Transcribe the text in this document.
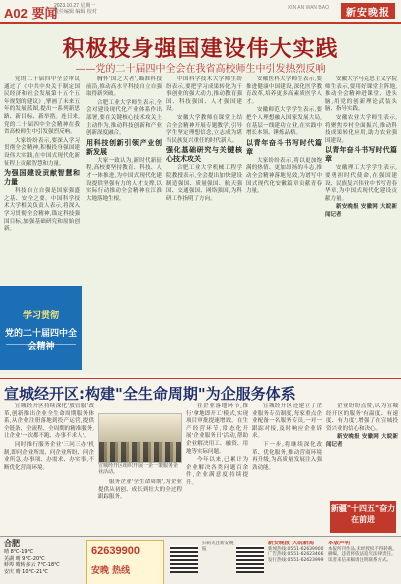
A02 要闻
2023.10.27 星期一
责任编辑 编辑 校对
XIN AN WAN BAO	新安晚报
积极投身强国建设伟大实践
——党的二十届四中全会在我省高校师生中引发热烈反响

党的二十届四中全会审议通过了《中共中央关于制定国民经济和社会发展第十五个五年规划的建议》,擘画了未来五年的发展蓝图,提出一系列新思路、新目标、新举措。连日来,党的二十届四中全会精神在我省高校师生中引发强烈反响。

大家纷纷表示,要深入学习贯彻全会精神,积极投身强国建设伟大实践,在中国式现代化新征程上贡献智慧和力量。

为强国建设贡献智慧和力量

科技自立自强是国家强盛之基、安全之要。中国科学技术大学相关负责人表示,将深入学习贯彻全会精神,锚定科技强国目标,加强基础研究和原始创新。

学习贯彻
党的二十届四中全会精神

胸怀'国之大者',瞄准科技前沿,推动高水平科技自立自强取得新突破。

合肥工业大学师生表示,全会对建设现代化产业体系作出部署,要在关键核心技术攻关上主动作为,推动科技创新和产业创新深度融合。

用科技创新引领产业创新发展

大家一致认为,新时代新征程,高校要坚持教育、科技、人才一体推进,为中国式现代化建设提供坚强有力的人才支撑,以实际行动推动全会精神在江淮大地落地生根。

中国科学技术大学师生纷纷表示,要把学习成果转化为干事创业的强大动力,推动教育强国、科技强国、人才强国建设。

安徽大学教师在课堂上结合全会精神开展专题教学,引导学生坚定理想信念,立志成为堪当民族复兴重任的时代新人。

强化基础研究与关键核心技术攻关

合肥工业大学机械工程学院教授表示,全会提出加快建设制造强国、质量强国、航天强国、交通强国、网络强国,为科研工作指明了方向。

安徽医科大学师生表示,要推进健康中国建设,深化医学教育改革,培养更多高素质医学人才。

安徽师范大学学生表示,要把个人理想融入国家发展大局,在基层一线建功立业,在实践中增长本领、锤炼品格。

以青年奋斗书写时代篇章

大家纷纷表示,将以更加饱满的热情、更加昂扬的斗志,推动全会精神落地见效,为谱写中国式现代化安徽篇章贡献青春力量。

安徽大学马克思主义学院师生表示,要用好课堂主阵地,推动全会精神进课堂、进头脑,用党的创新理论武装头脑、指导实践。

安徽农业大学师生表示,将聚焦乡村全面振兴,推动科技成果转化应用,助力农业强国建设。

以青年奋斗书写时代篇章

安徽理工大学学生表示,要勇担时代使命,在强国建设、民族复兴伟业中书写青春华章,为中国式现代化建设贡献力量。

新安晚报 安徽网 大皖新闻记者

宣城经开区:构建"全生命周期"为企服务体系

宣城经开区持续深化'放管服'改革,创新推出企业全生命周期服务体系,从企业注册落地到投产运营,提供全链条、全流程、全周期的精准服务,让企业'一次都不跑、办事不求人'。

同时推行服务企业'三问三办'机制,即问企业所需、问企业所盼、问企业所急,办事项、办需求、办实事,不断优化营商环境。	宣城经开区组织开展一企一策服务企业活动。

服务企业'全生命周期',为企业提供从初创、成长到壮大的全过程跟踪服务。

在企业落地环节,推行'拿地即开工'模式,实现项目审批提速增效。在生产经营环节,常态化开展'企业服务日'活动,帮助企业解决用工、融资、用地等实际问题。

今年以来,已累计为企业解决各类问题百余件,企业满意度持续提升。

宣城经开区还建立了企业服务专员制度,每家重点企业配备一名服务专员,一对一跟踪对接,及时响应企业诉求。

下一步,将继续深化改革、优化服务,推动营商环境再升级,为高质量发展注入强劲动能。

企业纷纷点赞,认为宣城经开区的服务'有温度、有速度、有力度',增强了在宣城投资兴业的信心和决心。

新安晚报 安徽网 大皖新闻记者

新疆"十四五"奋力在前进
合肥
晴 8℃-19℃
芜湖 晴 9℃-20℃
蚌埠 晴转多云 7℃-18℃
安庆 晴 10℃-21℃
62639900
安晚 热线
扫码关注新安晚报
新安晚报 大皖新闻
新闻热线:0551-62639900 广告热线:0551-62623466 发行热线:0551-62623999
本版声明
本报所刊作品,未经授权不得转载、摘编。违者将依法追究法律责任。读者来信来稿请注明联系方式。
